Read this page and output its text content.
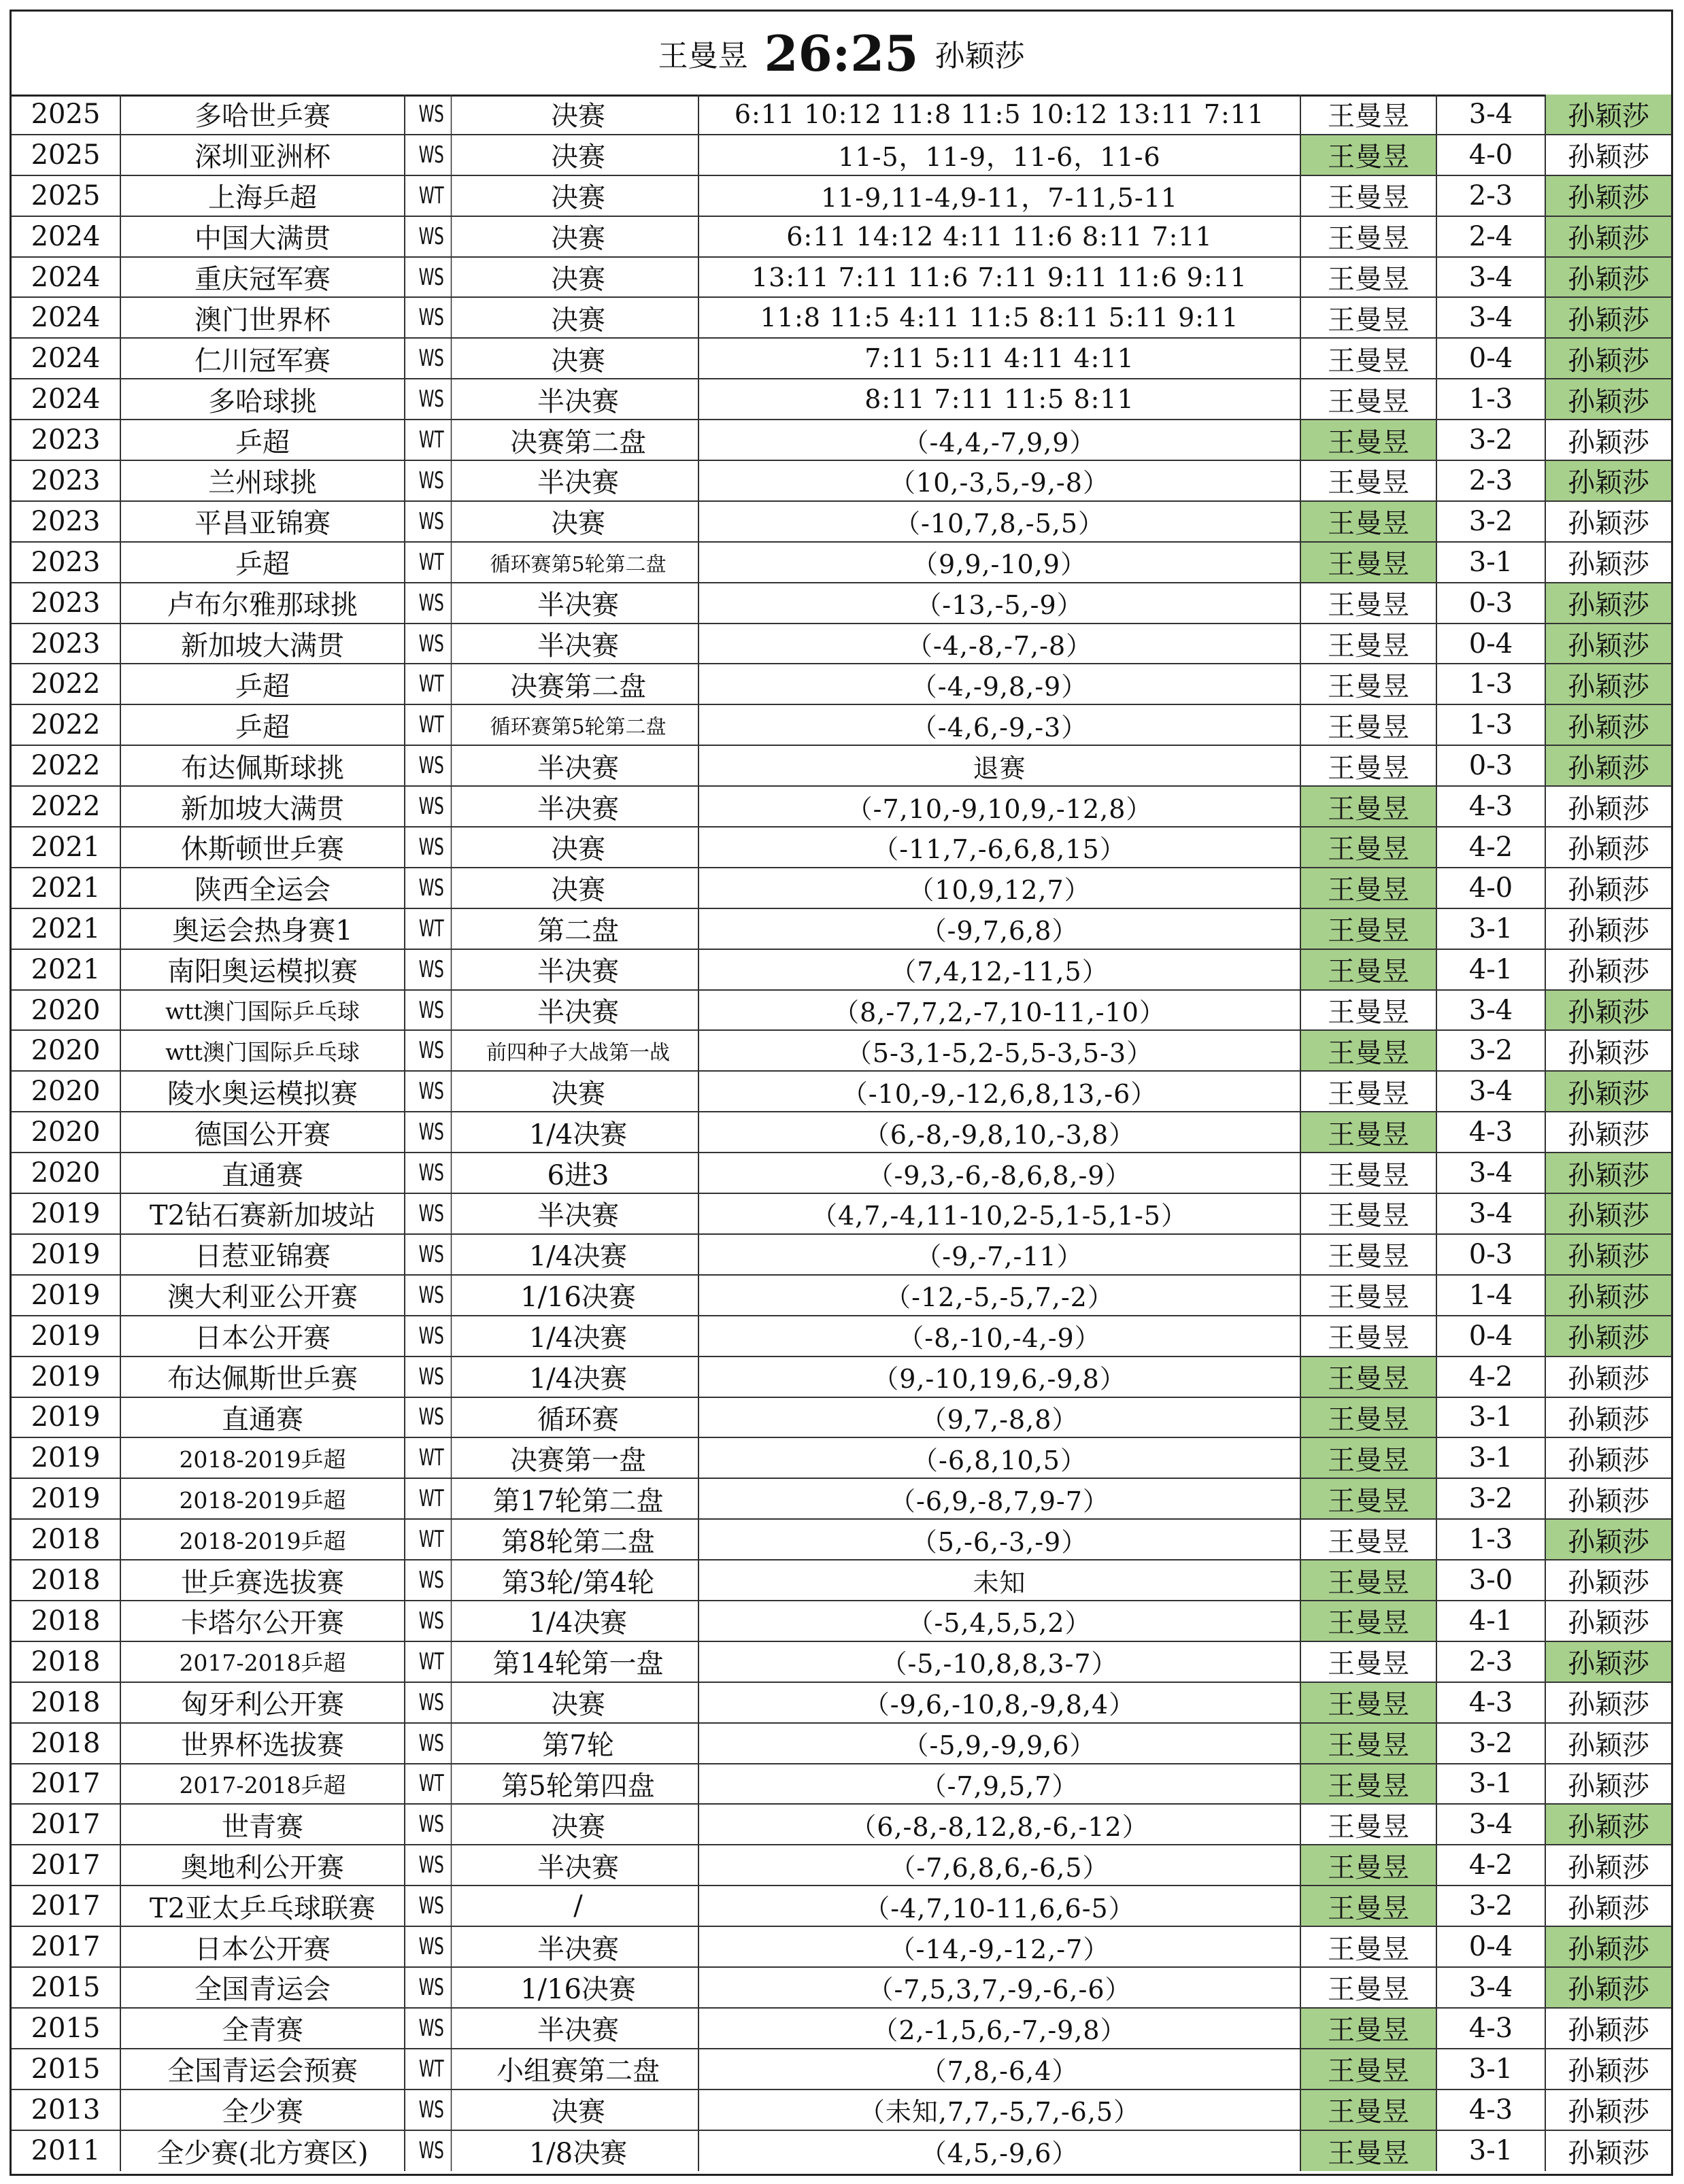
王曼昱 26:25 孙颖莎
2025	多哈世乒赛	WS	决赛	6:11 10:12 11:8 11:5 10:12 13:11 7:11	王曼昱	3-4	孙颖莎
2025	深圳亚洲杯	WS	决赛	11-5，11-9，11-6，11-6	王曼昱	4-0	孙颖莎
2025	上海乒超	WT	决赛	11-9,11-4,9-11，7-11,5-11	王曼昱	2-3	孙颖莎
2024	中国大满贯	WS	决赛	6:11 14:12 4:11 11:6 8:11 7:11	王曼昱	2-4	孙颖莎
2024	重庆冠军赛	WS	决赛	13:11 7:11 11:6 7:11 9:11 11:6 9:11	王曼昱	3-4	孙颖莎
2024	澳门世界杯	WS	决赛	11:8 11:5 4:11 11:5 8:11 5:11 9:11	王曼昱	3-4	孙颖莎
2024	仁川冠军赛	WS	决赛	7:11 5:11 4:11 4:11	王曼昱	0-4	孙颖莎
2024	多哈球挑	WS	半决赛	8:11 7:11 11:5 8:11	王曼昱	1-3	孙颖莎
2023	乒超	WT	决赛第二盘	（-4,4,-7,9,9）	王曼昱	3-2	孙颖莎
2023	兰州球挑	WS	半决赛	（10,-3,5,-9,-8）	王曼昱	2-3	孙颖莎
2023	平昌亚锦赛	WS	决赛	（-10,7,8,-5,5）	王曼昱	3-2	孙颖莎
2023	乒超	WT	循环赛第5轮第二盘	（9,9,-10,9）	王曼昱	3-1	孙颖莎
2023	卢布尔雅那球挑	WS	半决赛	（-13,-5,-9）	王曼昱	0-3	孙颖莎
2023	新加坡大满贯	WS	半决赛	（-4,-8,-7,-8）	王曼昱	0-4	孙颖莎
2022	乒超	WT	决赛第二盘	（-4,-9,8,-9）	王曼昱	1-3	孙颖莎
2022	乒超	WT	循环赛第5轮第二盘	（-4,6,-9,-3）	王曼昱	1-3	孙颖莎
2022	布达佩斯球挑	WS	半决赛	退赛	王曼昱	0-3	孙颖莎
2022	新加坡大满贯	WS	半决赛	（-7,10,-9,10,9,-12,8）	王曼昱	4-3	孙颖莎
2021	休斯顿世乒赛	WS	决赛	（-11,7,-6,6,8,15）	王曼昱	4-2	孙颖莎
2021	陕西全运会	WS	决赛	（10,9,12,7）	王曼昱	4-0	孙颖莎
2021	奥运会热身赛1	WT	第二盘	（-9,7,6,8）	王曼昱	3-1	孙颖莎
2021	南阳奥运模拟赛	WS	半决赛	（7,4,12,-11,5）	王曼昱	4-1	孙颖莎
2020	wtt澳门国际乒乓球	WS	半决赛	（8,-7,7,2,-7,10-11,-10）	王曼昱	3-4	孙颖莎
2020	wtt澳门国际乒乓球	WS	前四种子大战第一战	（5-3,1-5,2-5,5-3,5-3）	王曼昱	3-2	孙颖莎
2020	陵水奥运模拟赛	WS	决赛	（-10,-9,-12,6,8,13,-6）	王曼昱	3-4	孙颖莎
2020	德国公开赛	WS	1/4决赛	（6,-8,-9,8,10,-3,8）	王曼昱	4-3	孙颖莎
2020	直通赛	WS	6进3	（-9,3,-6,-8,6,8,-9）	王曼昱	3-4	孙颖莎
2019	T2钻石赛新加坡站	WS	半决赛	（4,7,-4,11-10,2-5,1-5,1-5）	王曼昱	3-4	孙颖莎
2019	日惹亚锦赛	WS	1/4决赛	（-9,-7,-11）	王曼昱	0-3	孙颖莎
2019	澳大利亚公开赛	WS	1/16决赛	（-12,-5,-5,7,-2）	王曼昱	1-4	孙颖莎
2019	日本公开赛	WS	1/4决赛	（-8,-10,-4,-9）	王曼昱	0-4	孙颖莎
2019	布达佩斯世乒赛	WS	1/4决赛	（9,-10,19,6,-9,8）	王曼昱	4-2	孙颖莎
2019	直通赛	WS	循环赛	（9,7,-8,8）	王曼昱	3-1	孙颖莎
2019	2018-2019乒超	WT	决赛第一盘	（-6,8,10,5）	王曼昱	3-1	孙颖莎
2019	2018-2019乒超	WT	第17轮第二盘	（-6,9,-8,7,9-7）	王曼昱	3-2	孙颖莎
2018	2018-2019乒超	WT	第8轮第二盘	（5,-6,-3,-9）	王曼昱	1-3	孙颖莎
2018	世乒赛选拔赛	WS	第3轮/第4轮	未知	王曼昱	3-0	孙颖莎
2018	卡塔尔公开赛	WS	1/4决赛	（-5,4,5,5,2）	王曼昱	4-1	孙颖莎
2018	2017-2018乒超	WT	第14轮第一盘	（-5,-10,8,8,3-7）	王曼昱	2-3	孙颖莎
2018	匈牙利公开赛	WS	决赛	（-9,6,-10,8,-9,8,4）	王曼昱	4-3	孙颖莎
2018	世界杯选拔赛	WS	第7轮	（-5,9,-9,9,6）	王曼昱	3-2	孙颖莎
2017	2017-2018乒超	WT	第5轮第四盘	（-7,9,5,7）	王曼昱	3-1	孙颖莎
2017	世青赛	WS	决赛	（6,-8,-8,12,8,-6,-12）	王曼昱	3-4	孙颖莎
2017	奥地利公开赛	WS	半决赛	（-7,6,8,6,-6,5）	王曼昱	4-2	孙颖莎
2017	T2亚太乒乓球联赛	WS	/	（-4,7,10-11,6,6-5）	王曼昱	3-2	孙颖莎
2017	日本公开赛	WS	半决赛	（-14,-9,-12,-7）	王曼昱	0-4	孙颖莎
2015	全国青运会	WS	1/16决赛	（-7,5,3,7,-9,-6,-6）	王曼昱	3-4	孙颖莎
2015	全青赛	WS	半决赛	（2,-1,5,6,-7,-9,8）	王曼昱	4-3	孙颖莎
2015	全国青运会预赛	WT	小组赛第二盘	（7,8,-6,4）	王曼昱	3-1	孙颖莎
2013	全少赛	WS	决赛	（未知,7,7,-5,7,-6,5）	王曼昱	4-3	孙颖莎
2011	全少赛(北方赛区)	WS	1/8决赛	（4,5,-9,6）	王曼昱	3-1	孙颖莎
